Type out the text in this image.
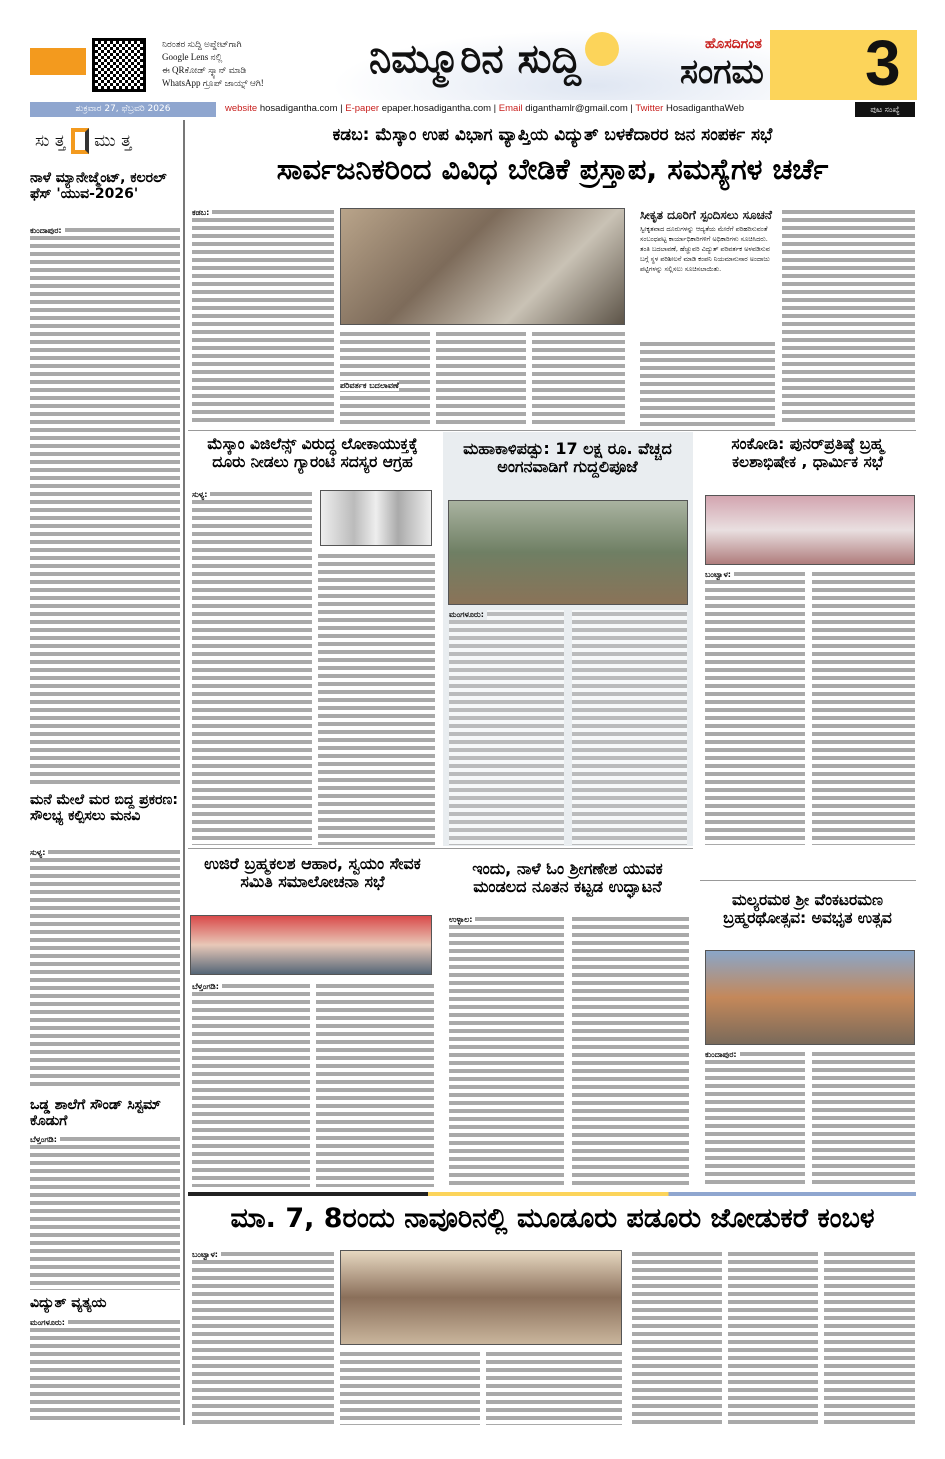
ನಿರಂತರ ಸುದ್ದಿ ಅಪ್ಡೇಟ್‌ಗಾಗಿ
Google Lens ನಲ್ಲಿ
ಈ QRಕೋಡ್ ಸ್ಕ್ಯಾನ್ ಮಾಡಿ
WhatsApp ಗ್ರೂಪ್ ಜಾಯ್ನ್ ಆಗಿ!
ನಿಮ್ಮೂರಿನ ಸುದ್ದಿ	ಹೊಸದಿಗಂತ
ಸಂಗಮ 3
ಶುಕ್ರವಾರ 27, ಫೆಬ್ರವರಿ 2026	website hosadigantha.com | E-paper epaper.hosadigantha.com | Email diganthamlr@gmail.com | Twitter HosadiganthaWeb	ಪುಟ ಸಂಖ್ಯೆ
ಸು ತ್ತ ಮು ತ್ತ
ನಾಳೆ ಮ್ಯಾನೇಜ್ಮೆಂಟ್, ಕಲರಲ್ ಫೆಸ್ 'ಯುವ-2026'
ಕುಂದಾಪುರ:
ಮನೆ ಮೇಲೆ ಮರ ಬಿದ್ದ ಪ್ರಕರಣ: ಸೌಲಭ್ಯ ಕಲ್ಪಿಸಲು ಮನವಿ
ಸುಳ್ಯ:
ಒಡ್ಡ ಶಾಲೆಗೆ ಸೌಂಡ್ ಸಿಸ್ಟಮ್ ಕೊಡುಗೆ
ಬೆಳ್ತಂಗಡಿ:
ವಿದ್ಯುತ್ ವ್ಯತ್ಯಯ
ಮಂಗಳೂರು:
ಕಡಬ: ಮೆಸ್ಕಾಂ ಉಪ ವಿಭಾಗ ವ್ಯಾಪ್ತಿಯ ವಿದ್ಯುತ್ ಬಳಕೆದಾರರ ಜನ ಸಂಪರ್ಕ ಸಭೆ
ಸಾರ್ವಜನಿಕರಿಂದ ವಿವಿಧ ಬೇಡಿಕೆ ಪ್ರಸ್ತಾಪ, ಸಮಸ್ಯೆಗಳ ಚರ್ಚೆ
ಕಡಬ:
ಪರಿವರ್ತಕ ಬದಲಾವಣೆ
ಸೀಕೃತ ದೂರಿಗೆ ಸ್ಪಂದಿಸಲು ಸೂಚನೆ
ಸ್ವೀಕೃತವಾದ ದೂರುಗಳನ್ನು ಆದ್ಯತೆಯ ಮೇರೆಗೆ ಪರಿಹರಿಸುವಂತೆ ಸಂಬಂಧಪಟ್ಟ ಕಾರ್ಯಾಧಿಕಾರಿಗಳಿಗೆ ಅಧಿಕಾರಿಗಳು ಸೂಚಿಸಿದರು. ತಂತಿ ಬದಲಾವಣೆ, ಹೆಚ್ಚುವರಿ ವಿದ್ಯುತ್ ಪರಿವರ್ತಕ ಅಳವಡಿಸುವ ಬಗ್ಗೆ ಸ್ಥಳ ಪರಿಶೀಲನೆ ಮಾಡಿ ಕಂಪನಿ ನಿಯಮಾನುಸಾರ ಅಂದಾಜು ಪಟ್ಟಿಗಳನ್ನು ಸಲ್ಲಿಸಲು ಸೂಚಿಸಲಾಯಿತು.
ಮೆಸ್ಕಾಂ ವಿಜಿಲೆನ್ಸ್ ವಿರುದ್ಧ ಲೋಕಾಯುಕ್ತಕ್ಕೆ ದೂರು ನೀಡಲು ಗ್ಯಾರಂಟಿ ಸದಸ್ಯರ ಆಗ್ರಹ
ಸುಳ್ಯ:
ಮಹಾಕಾಳಿಪಡ್ಪು: 17 ಲಕ್ಷ ರೂ. ವೆಚ್ಚದ ಅಂಗನವಾಡಿಗೆ ಗುದ್ದಲಿಪೂಜೆ
ಮಂಗಳೂರು:
ಸಂಕೋಡಿ: ಪುನರ್‌ಪ್ರತಿಷ್ಠೆ ಬ್ರಹ್ಮ ಕಲಶಾಭಿಷೇಕ , ಧಾರ್ಮಿಕ ಸಭೆ
ಬಂಟ್ವಾಳ:
ಉಜಿರೆ ಬ್ರಹ್ಮಕಲಶ ಆಹಾರ, ಸ್ವಯಂ ಸೇವಕ ಸಮಿತಿ ಸಮಾಲೋಚನಾ ಸಭೆ
ಬೆಳ್ತಂಗಡಿ:
ಇಂದು, ನಾಳೆ ಓಂ ಶ್ರೀಗಣೇಶ ಯುವಕ ಮಂಡಲದ ನೂತನ ಕಟ್ಟಡ ಉದ್ಘಾಟನೆ
ಉಳ್ಳಾಲ:
ಮಲ್ಯರಮಠ ಶ್ರೀ ವೆಂಕಟರಮಣ ಬ್ರಹ್ಮರಥೋತ್ಸವ: ಅವಭೃತ ಉತ್ಸವ
ಕುಂದಾಪುರ:
ಮಾ. 7, 8ರಂದು ನಾವೂರಿನಲ್ಲಿ ಮೂಡೂರು ಪಡೂರು ಜೋಡುಕರೆ ಕಂಬಳ
ಬಂಟ್ವಾಳ:
